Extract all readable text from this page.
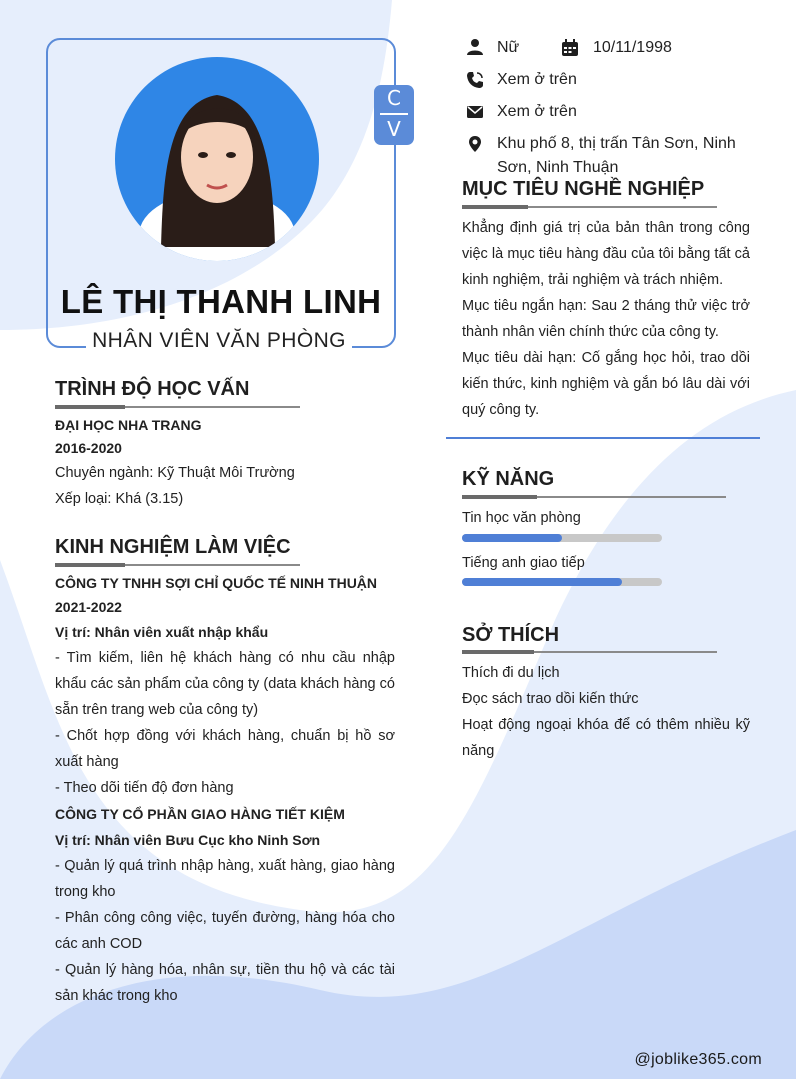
C
V
LÊ THỊ THANH LINH
NHÂN VIÊN VĂN PHÒNG
Nữ	10/11/1998
Xem ở trên
Xem ở trên
Khu phố 8, thị trấn Tân Sơn, Ninh Sơn, Ninh Thuận
MỤC TIÊU NGHỀ NGHIỆP
Khẳng định giá trị của bản thân trong công việc là mục tiêu hàng đầu của tôi bằng tất cả kinh nghiệm, trải nghiệm và trách nhiệm.
Mục tiêu ngắn hạn: Sau 2 tháng thử việc trở thành nhân viên chính thức của công ty.
Mục tiêu dài hạn: Cố gắng học hỏi, trao dồi kiến thức, kinh nghiệm và gắn bó lâu dài với quý công ty.
TRÌNH ĐỘ HỌC VẤN
ĐẠI HỌC NHA TRANG
2016-2020
Chuyên ngành: Kỹ Thuật Môi Trường
Xếp loại: Khá (3.15)
KINH NGHIỆM LÀM VIỆC
CÔNG TY TNHH SỢI CHỈ QUỐC TẾ NINH THUẬN
2021-2022
Vị trí: Nhân viên xuất nhập khẩu
- Tìm kiếm, liên hệ khách hàng có nhu cầu nhập khẩu các sản phẩm của công ty (data khách hàng có sẵn trên trang web của công ty)
- Chốt hợp đồng với khách hàng, chuẩn bị hồ sơ xuất hàng
- Theo dõi tiến độ đơn hàng
CÔNG TY CỔ PHẦN GIAO HÀNG TIẾT KIỆM
Vị trí: Nhân viên Bưu Cục kho Ninh Sơn
- Quản lý quá trình nhập hàng, xuất hàng, giao hàng trong kho
- Phân công công việc, tuyến đường, hàng hóa cho các anh COD
- Quản lý hàng hóa, nhân sự, tiền thu hộ và các tài sản khác trong kho
KỸ NĂNG
Tin học văn phòng
Tiếng anh giao tiếp
SỞ THÍCH
Thích đi du lịch
Đọc sách trao dồi kiến thức
Hoạt động ngoại khóa để có thêm nhiều kỹ năng
@joblike365.com
